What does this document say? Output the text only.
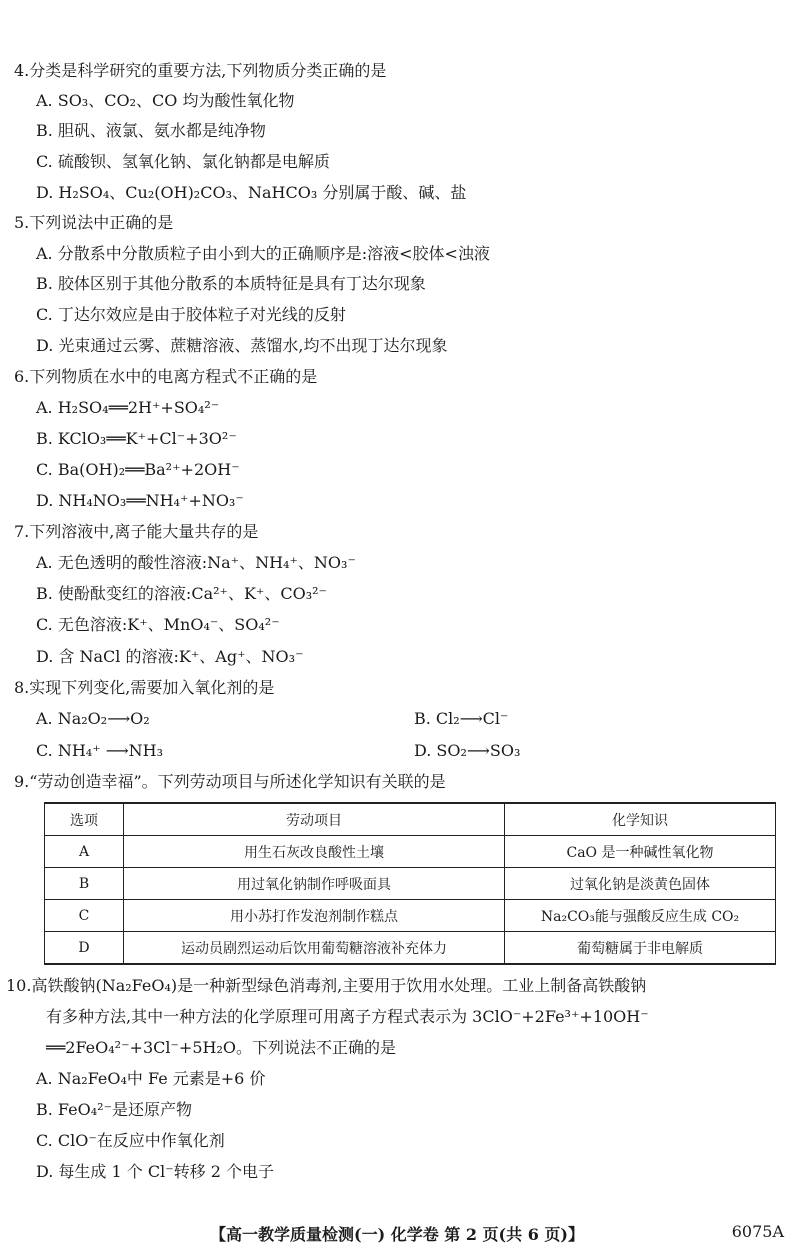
4.分类是科学研究的重要方法,下列物质分类正确的是
A. SO₃、CO₂、CO 均为酸性氧化物
B. 胆矾、液氯、氨水都是纯净物
C. 硫酸钡、氢氧化钠、氯化钠都是电解质
D. H₂SO₄、Cu₂(OH)₂CO₃、NaHCO₃ 分别属于酸、碱、盐
5.下列说法中正确的是
A. 分散系中分散质粒子由小到大的正确顺序是:溶液<胶体<浊液
B. 胶体区别于其他分散系的本质特征是具有丁达尔现象
C. 丁达尔效应是由于胶体粒子对光线的反射
D. 光束通过云雾、蔗糖溶液、蒸馏水,均不出现丁达尔现象
6.下列物质在水中的电离方程式不正确的是
A. H₂SO₄══2H⁺+SO₄²⁻
B. KClO₃══K⁺+Cl⁻+3O²⁻
C. Ba(OH)₂══Ba²⁺+2OH⁻
D. NH₄NO₃══NH₄⁺+NO₃⁻
7.下列溶液中,离子能大量共存的是
A. 无色透明的酸性溶液:Na⁺、NH₄⁺、NO₃⁻
B. 使酚酞变红的溶液:Ca²⁺、K⁺、CO₃²⁻
C. 无色溶液:K⁺、MnO₄⁻、SO₄²⁻
D. 含 NaCl 的溶液:K⁺、Ag⁺、NO₃⁻
8.实现下列变化,需要加入氧化剂的是
A. Na₂O₂⟶O₂	B. Cl₂⟶Cl⁻
C. NH₄⁺ ⟶NH₃	D. SO₂⟶SO₃
9.“劳动创造幸福”。下列劳动项目与所述化学知识有关联的是
选项	劳动项目	化学知识
A	用生石灰改良酸性土壤	CaO 是一种碱性氧化物
B	用过氧化钠制作呼吸面具	过氧化钠是淡黄色固体
C	用小苏打作发泡剂制作糕点	Na₂CO₃能与强酸反应生成 CO₂
D	运动员剧烈运动后饮用葡萄糖溶液补充体力	葡萄糖属于非电解质
10.高铁酸钠(Na₂FeO₄)是一种新型绿色消毒剂,主要用于饮用水处理。工业上制备高铁酸钠
有多种方法,其中一种方法的化学原理可用离子方程式表示为 3ClO⁻+2Fe³⁺+10OH⁻
══2FeO₄²⁻+3Cl⁻+5H₂O。下列说法不正确的是
A. Na₂FeO₄中 Fe 元素是+6 价
B. FeO₄²⁻是还原产物
C. ClO⁻在反应中作氧化剂
D. 每生成 1 个 Cl⁻转移 2 个电子
【高一教学质量检测(一) 化学卷 第 2 页(共 6 页)】	6075A
